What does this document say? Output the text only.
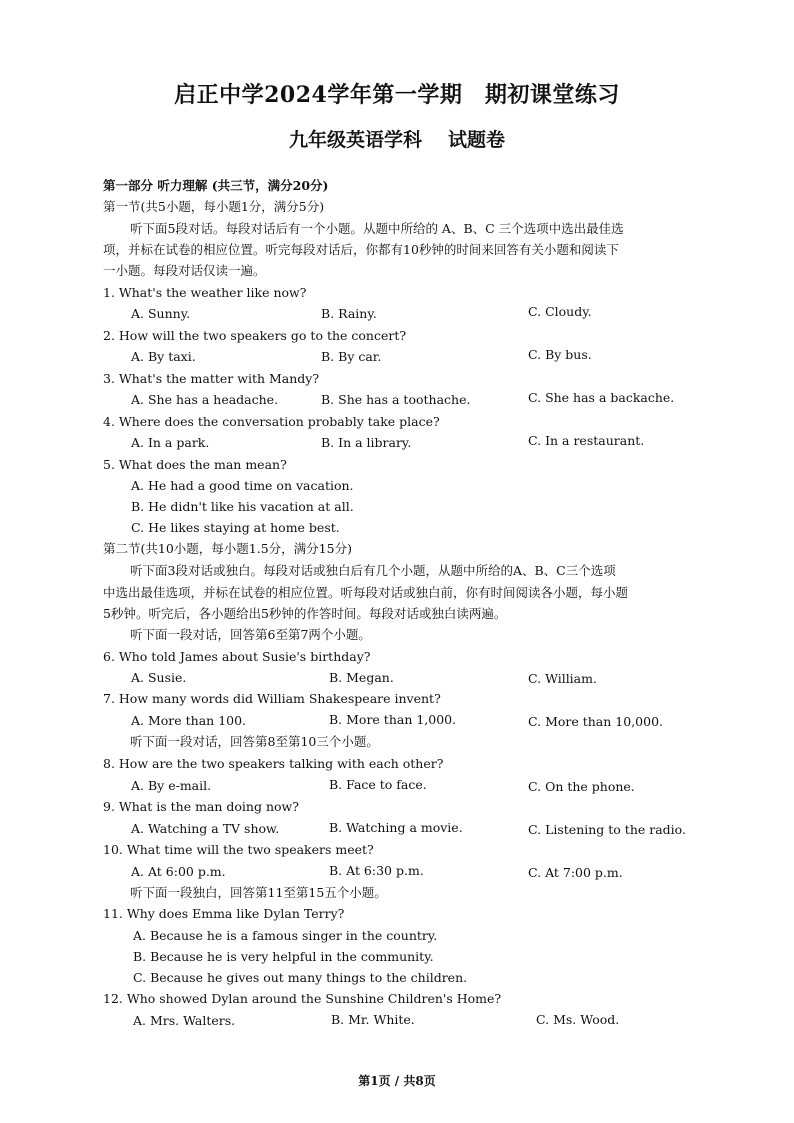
启正中学2024学年第一学期　期初课堂练习
九年级英语学科 试题卷
第一部分 听力理解 (共三节，满分20分)
第一节(共5小题，每小题1分，满分5分)
听下面5段对话。每段对话后有一个小题。从题中所给的 A、B、C 三个选项中选出最佳选
项，并标在试卷的相应位置。听完每段对话后，你都有10秒钟的时间来回答有关小题和阅读下
一小题。每段对话仅读一遍。
1. What's the weather like now?
A. Sunny.	B. Rainy.	C. Cloudy.
2. How will the two speakers go to the concert?
A. By taxi.	B. By car.	C. By bus.
3. What's the matter with Mandy?
A. She has a headache.	B. She has a toothache.	C. She has a backache.
4. Where does the conversation probably take place?
A. In a park.	B. In a library.	C. In a restaurant.
5. What does the man mean?
A. He had a good time on vacation.
B. He didn't like his vacation at all.
C. He likes staying at home best.
第二节(共10小题，每小题1.5分，满分15分)
听下面3段对话或独白。每段对话或独白后有几个小题，从题中所给的A、B、C三个选项
中选出最佳选项，并标在试卷的相应位置。听每段对话或独白前，你有时间阅读各小题，每小题
5秒钟。听完后，各小题给出5秒钟的作答时间。每段对话或独白读两遍。
听下面一段对话，回答第6至第7两个小题。
6. Who told James about Susie's birthday?
A. Susie.	B. Megan.	C. William.
7. How many words did William Shakespeare invent?
A. More than 100.	B. More than 1,000.	C. More than 10,000.
听下面一段对话，回答第8至第10三个小题。
8. How are the two speakers talking with each other?
A. By e-mail.	B. Face to face.	C. On the phone.
9. What is the man doing now?
A. Watching a TV show.	B. Watching a movie.	C. Listening to the radio.
10. What time will the two speakers meet?
A. At 6:00 p.m.	B. At 6:30 p.m.	C. At 7:00 p.m.
听下面一段独白，回答第11至第15五个小题。
11. Why does Emma like Dylan Terry?
A. Because he is a famous singer in the country.
B. Because he is very helpful in the community.
C. Because he gives out many things to the children.
12. Who showed Dylan around the Sunshine Children's Home?
A. Mrs. Walters.	B. Mr. White.	C. Ms. Wood.
第1页 / 共8页
